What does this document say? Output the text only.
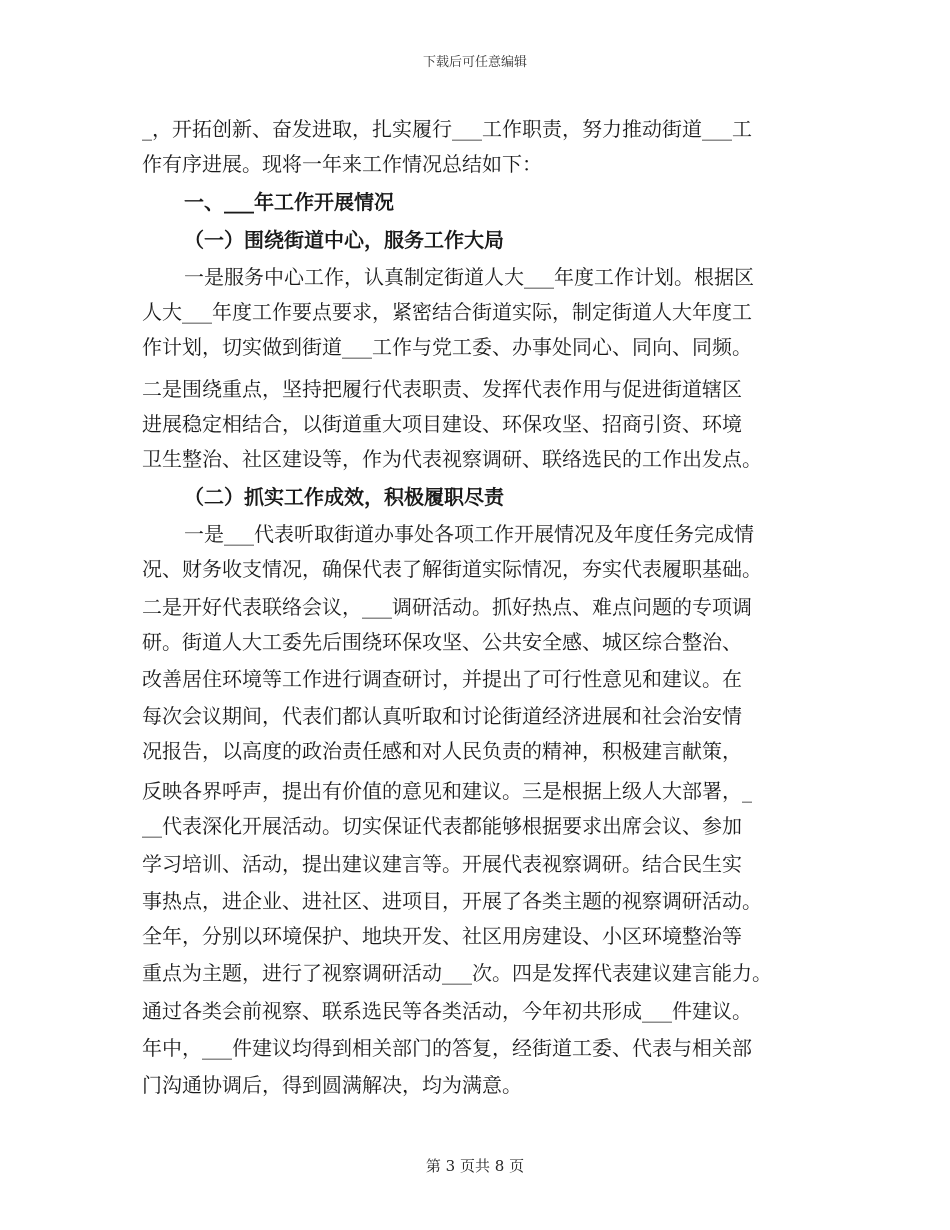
下载后可任意编辑
_，开拓创新、奋发进取，扎实履行___工作职责，努力推动街道___工
作有序进展。现将一年来工作情况总结如下：
一、___年工作开展情况
（一）围绕街道中心，服务工作大局
一是服务中心工作，认真制定街道人大___年度工作计划。根据区
人大___年度工作要点要求，紧密结合街道实际，制定街道人大年度工
作计划，切实做到街道___工作与党工委、办事处同心、同向、同频。
二是围绕重点，坚持把履行代表职责、发挥代表作用与促进街道辖区
进展稳定相结合，以街道重大项目建设、环保攻坚、招商引资、环境
卫生整治、社区建设等，作为代表视察调研、联络选民的工作出发点。
（二）抓实工作成效，积极履职尽责
一是___代表听取街道办事处各项工作开展情况及年度任务完成情
况、财务收支情况，确保代表了解街道实际情况，夯实代表履职基础。
二是开好代表联络会议，___调研活动。抓好热点、难点问题的专项调
研。街道人大工委先后围绕环保攻坚、公共安全感、城区综合整治、
改善居住环境等工作进行调查研讨，并提出了可行性意见和建议。在
每次会议期间，代表们都认真听取和讨论街道经济进展和社会治安情
况报告，以高度的政治责任感和对人民负责的精神，积极建言献策，
反映各界呼声，提出有价值的意见和建议。三是根据上级人大部署，_
__代表深化开展活动。切实保证代表都能够根据要求出席会议、参加
学习培训、活动，提出建议建言等。开展代表视察调研。结合民生实
事热点，进企业、进社区、进项目，开展了各类主题的视察调研活动。
全年，分别以环境保护、地块开发、社区用房建设、小区环境整治等
重点为主题，进行了视察调研活动___次。四是发挥代表建议建言能力。
通过各类会前视察、联系选民等各类活动，今年初共形成___件建议。
年中，___件建议均得到相关部门的答复，经街道工委、代表与相关部
门沟通协调后，得到圆满解决，均为满意。
第 3 页共 8 页
